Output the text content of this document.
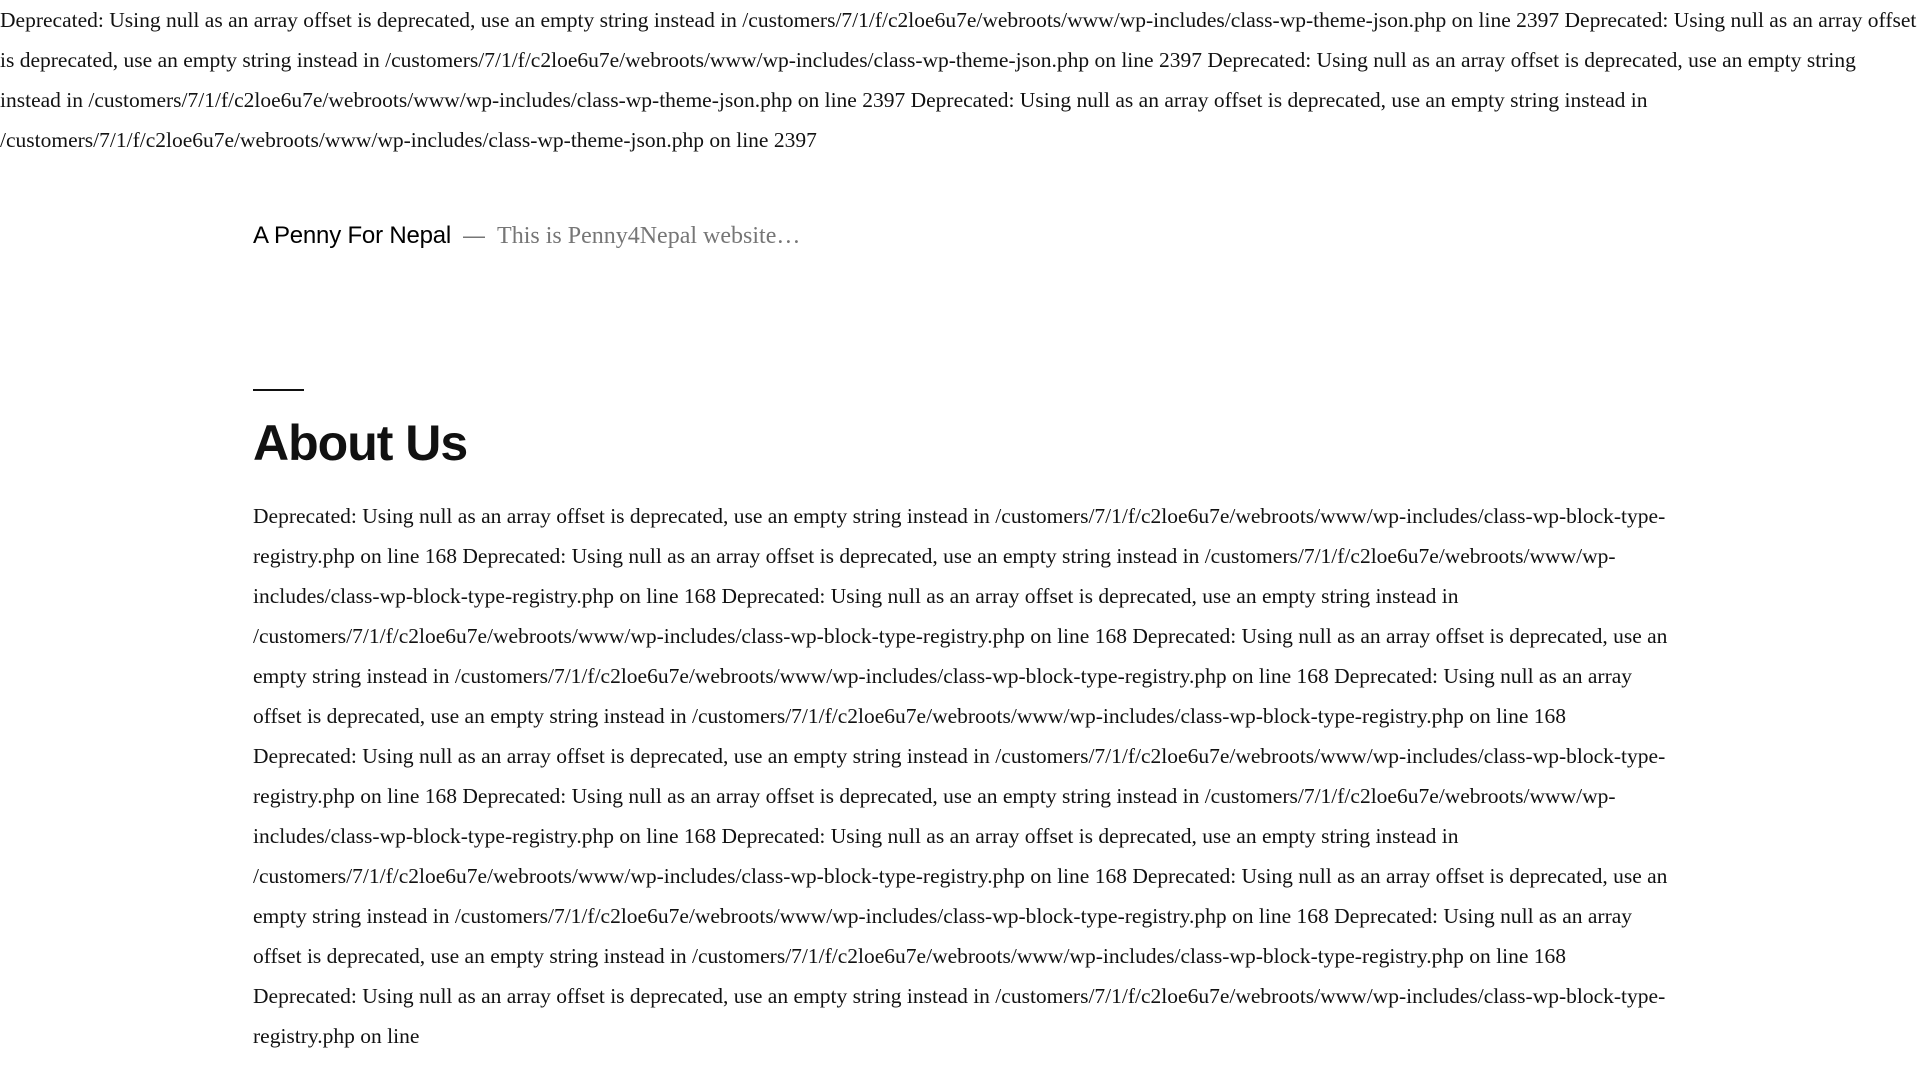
Deprecated: Using null as an array offset is deprecated, use an empty string instead in /customers/7/1/f/c2loe6u7e/webroots/www/wp-includes/class-wp-theme-json.php on line 2397 Deprecated: Using null as an array offset is deprecated, use an empty string instead in /customers/7/1/f/c2loe6u7e/webroots/www/wp-includes/class-wp-theme-json.php on line 2397 Deprecated: Using null as an array offset is deprecated, use an empty string instead in /customers/7/1/f/c2loe6u7e/webroots/www/wp-includes/class-wp-theme-json.php on line 2397 Deprecated: Using null as an array offset is deprecated, use an empty string instead in /customers/7/1/f/c2loe6u7e/webroots/www/wp-includes/class-wp-theme-json.php on line 2397
A Penny For Nepal — This is Penny4Nepal website…
About Us
Deprecated: Using null as an array offset is deprecated, use an empty string instead in /customers/7/1/f/c2loe6u7e/webroots/www/wp-includes/class-wp-block-type-registry.php on line 168 Deprecated: Using null as an array offset is deprecated, use an empty string instead in /customers/7/1/f/c2loe6u7e/webroots/www/wp-includes/class-wp-block-type-registry.php on line 168 Deprecated: Using null as an array offset is deprecated, use an empty string instead in /customers/7/1/f/c2loe6u7e/webroots/www/wp-includes/class-wp-block-type-registry.php on line 168 Deprecated: Using null as an array offset is deprecated, use an empty string instead in /customers/7/1/f/c2loe6u7e/webroots/www/wp-includes/class-wp-block-type-registry.php on line 168 Deprecated: Using null as an array offset is deprecated, use an empty string instead in /customers/7/1/f/c2loe6u7e/webroots/www/wp-includes/class-wp-block-type-registry.php on line 168 Deprecated: Using null as an array offset is deprecated, use an empty string instead in /customers/7/1/f/c2loe6u7e/webroots/www/wp-includes/class-wp-block-type-registry.php on line 168 Deprecated: Using null as an array offset is deprecated, use an empty string instead in /customers/7/1/f/c2loe6u7e/webroots/www/wp-includes/class-wp-block-type-registry.php on line 168 Deprecated: Using null as an array offset is deprecated, use an empty string instead in /customers/7/1/f/c2loe6u7e/webroots/www/wp-includes/class-wp-block-type-registry.php on line 168 Deprecated: Using null as an array offset is deprecated, use an empty string instead in /customers/7/1/f/c2loe6u7e/webroots/www/wp-includes/class-wp-block-type-registry.php on line 168 Deprecated: Using null as an array offset is deprecated, use an empty string instead in /customers/7/1/f/c2loe6u7e/webroots/www/wp-includes/class-wp-block-type-registry.php on line 168 Deprecated: Using null as an array offset is deprecated, use an empty string instead in /customers/7/1/f/c2loe6u7e/webroots/www/wp-includes/class-wp-block-type-registry.php on line
